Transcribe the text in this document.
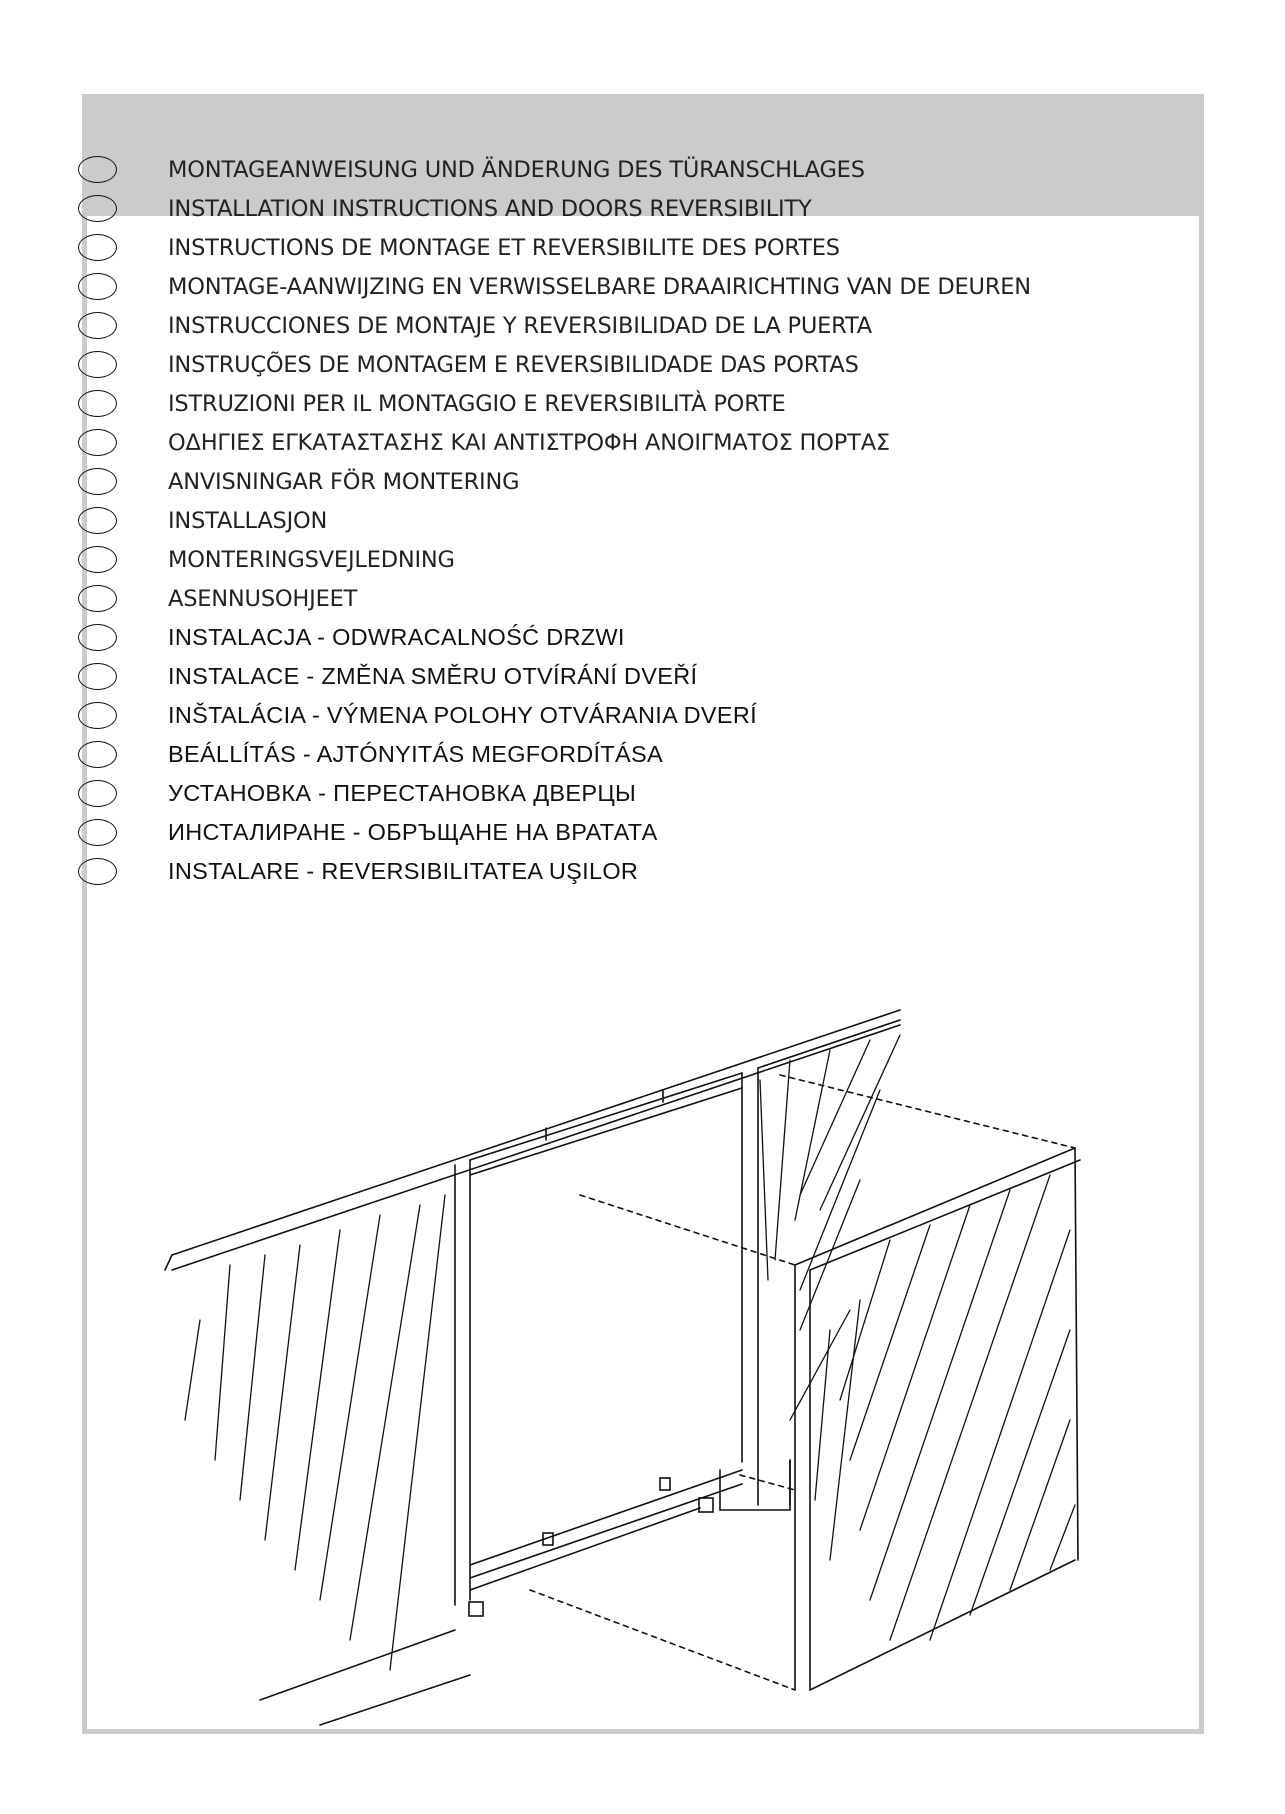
MONTAGEANWEISUNG UND ÄNDERUNG DES TÜRANSCHLAGES
INSTALLATION INSTRUCTIONS AND DOORS REVERSIBILITY
INSTRUCTIONS DE MONTAGE ET REVERSIBILITE DES PORTES
MONTAGE-AANWIJZING EN VERWISSELBARE DRAAIRICHTING VAN DE DEUREN
INSTRUCCIONES DE MONTAJE Y REVERSIBILIDAD DE LA PUERTA
INSTRUÇÕES DE MONTAGEM E REVERSIBILIDADE DAS PORTAS
ISTRUZIONI PER IL MONTAGGIO E REVERSIBILITÀ PORTE
ΟΔΗΓΙΕΣ ΕΓΚΑΤΑΣΤΑΣΗΣ ΚΑΙ ΑΝΤΙΣΤΡΟΦΗ ΑΝΟΙΓΜΑΤΟΣ ΠΟΡΤΑΣ
ANVISNINGAR FÖR MONTERING
INSTALLASJON
MONTERINGSVEJLEDNING
ASENNUSOHJEET
INSTALACJA - ODWRACALNOŚĆ DRZWI
INSTALACE - ZMĚNA SMĚRU OTVÍRÁNÍ DVEŘÍ
INŠTALÁCIA - VÝMENA POLOHY OTVÁRANIA DVERÍ
BEÁLLÍTÁS - AJTÓNYITÁS MEGFORDÍTÁSA
УСТАНОВКА - ПЕРЕСТАНОВКА ДВЕРЦЫ
ИНСТАЛИРАНЕ - ОБРЪЩАНЕ НА ВРАТАТА
INSTALARE - REVERSIBILITATEA UŞILOR
